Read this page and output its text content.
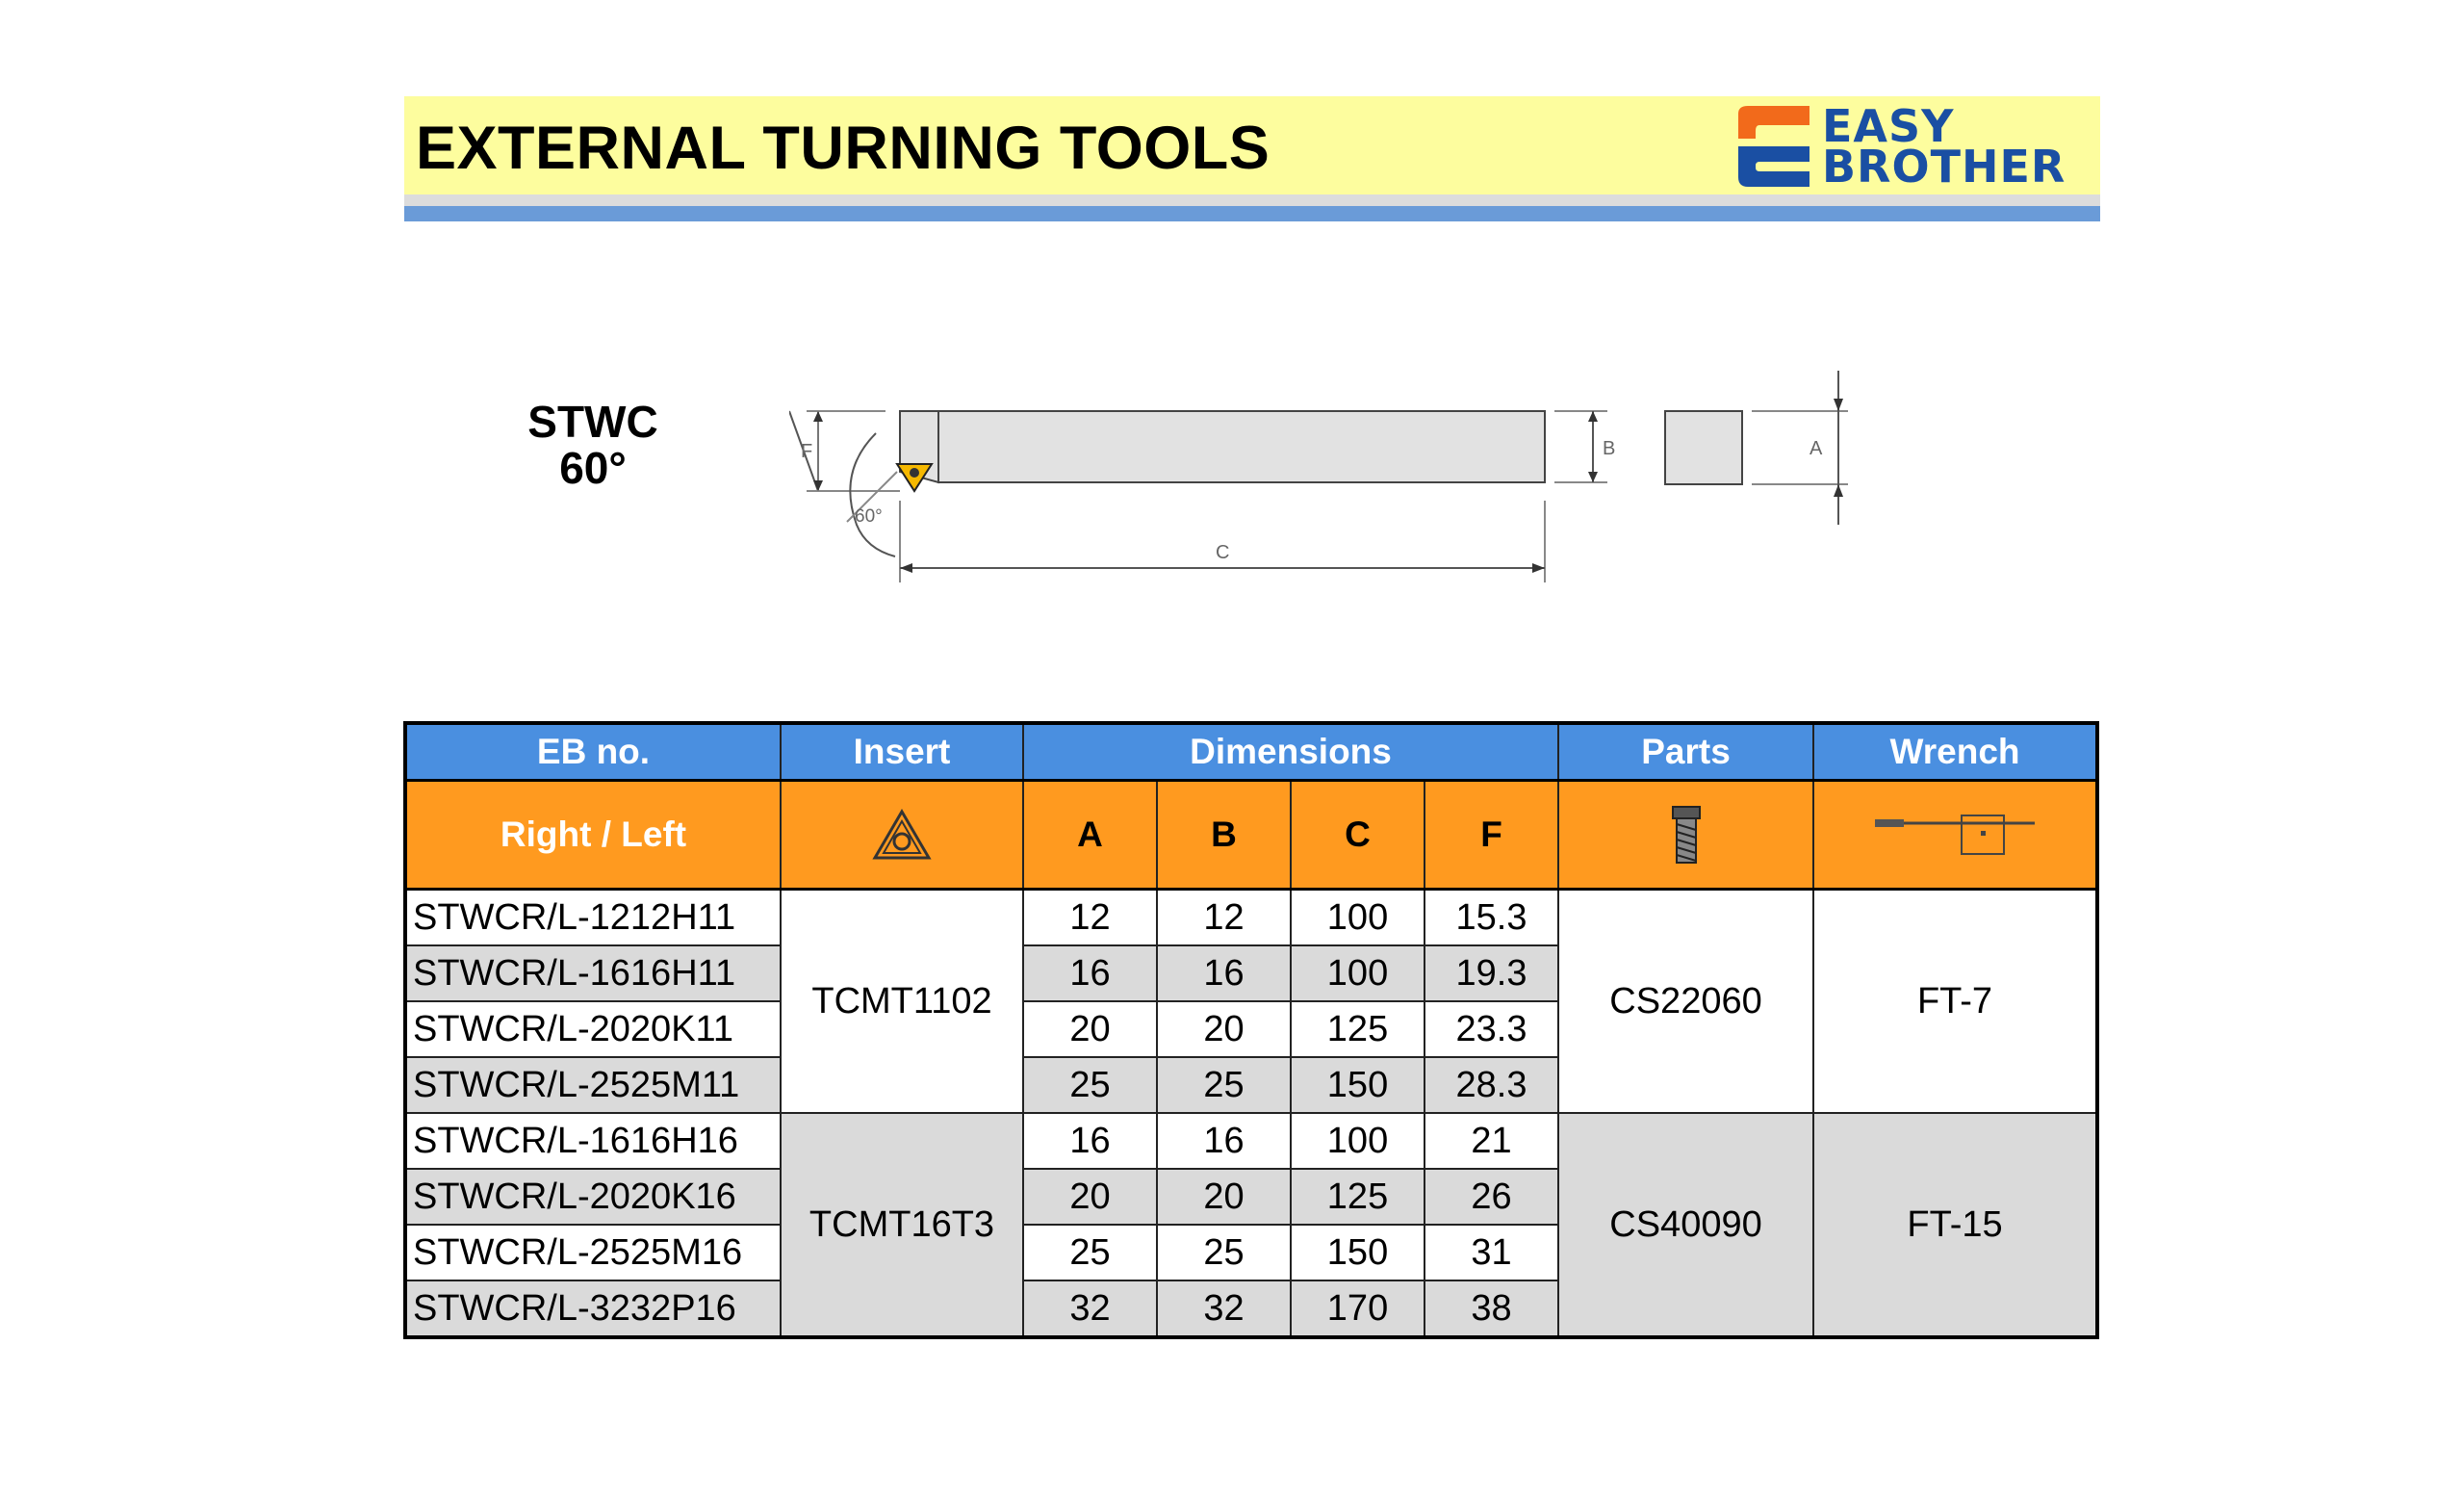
EXTERNAL TURNING TOOLS	EASY
BROTHER
STWC
60°	F	B	A
C
60°
EB no.	Insert	Dimensions				Parts	Wrench
Right / Left		A	B	C	F		
STWCR/L-1212H11	TCMT1102	12	12	100	15.3	CS22060	FT-7
STWCR/L-1616H11		16	16	100	19.3		
STWCR/L-2020K11		20	20	125	23.3		
STWCR/L-2525M11		25	25	150	28.3		
STWCR/L-1616H16	TCMT16T3	16	16	100	21	CS40090	FT-15
STWCR/L-2020K16		20	20	125	26		
STWCR/L-2525M16		25	25	150	31		
STWCR/L-3232P16		32	32	170	38		
